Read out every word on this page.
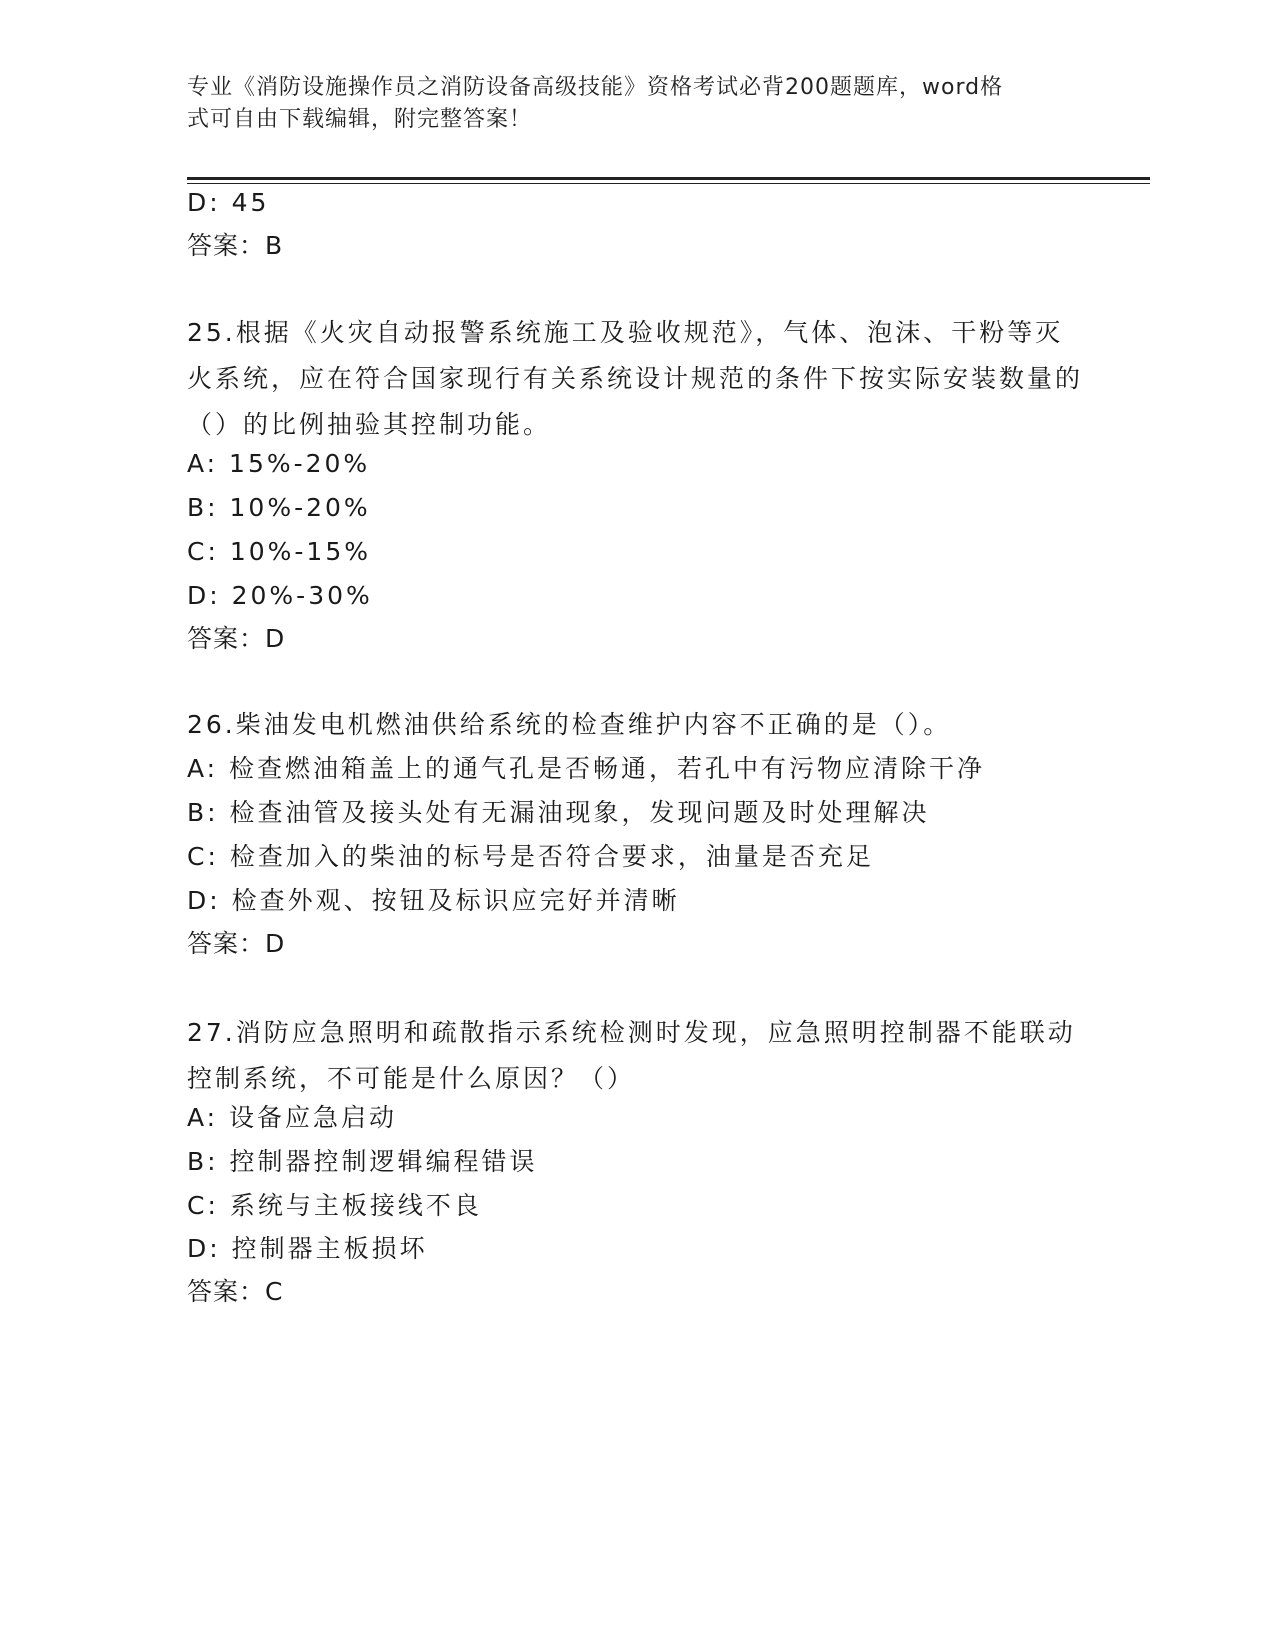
专业《消防设施操作员之消防设备高级技能》资格考试必背200题题库，word格
式可自由下载编辑，附完整答案！
D: 45
答案：B
25.根据《火灾自动报警系统施工及验收规范》，气体、泡沫、干粉等灭火系统，应在符合国家现行有关系统设计规范的条件下按实际安装数量的（）的比例抽验其控制功能。
A: 15%-20%
B: 10%-20%
C: 10%-15%
D: 20%-30%
答案：D
26.柴油发电机燃油供给系统的检查维护内容不正确的是（）。
A: 检查燃油箱盖上的通气孔是否畅通，若孔中有污物应清除干净
B: 检查油管及接头处有无漏油现象，发现问题及时处理解决
C: 检查加入的柴油的标号是否符合要求，油量是否充足
D: 检查外观、按钮及标识应完好并清晰
答案：D
27.消防应急照明和疏散指示系统检测时发现，应急照明控制器不能联动控制系统，不可能是什么原因？（）
A: 设备应急启动
B: 控制器控制逻辑编程错误
C: 系统与主板接线不良
D: 控制器主板损坏
答案：C
